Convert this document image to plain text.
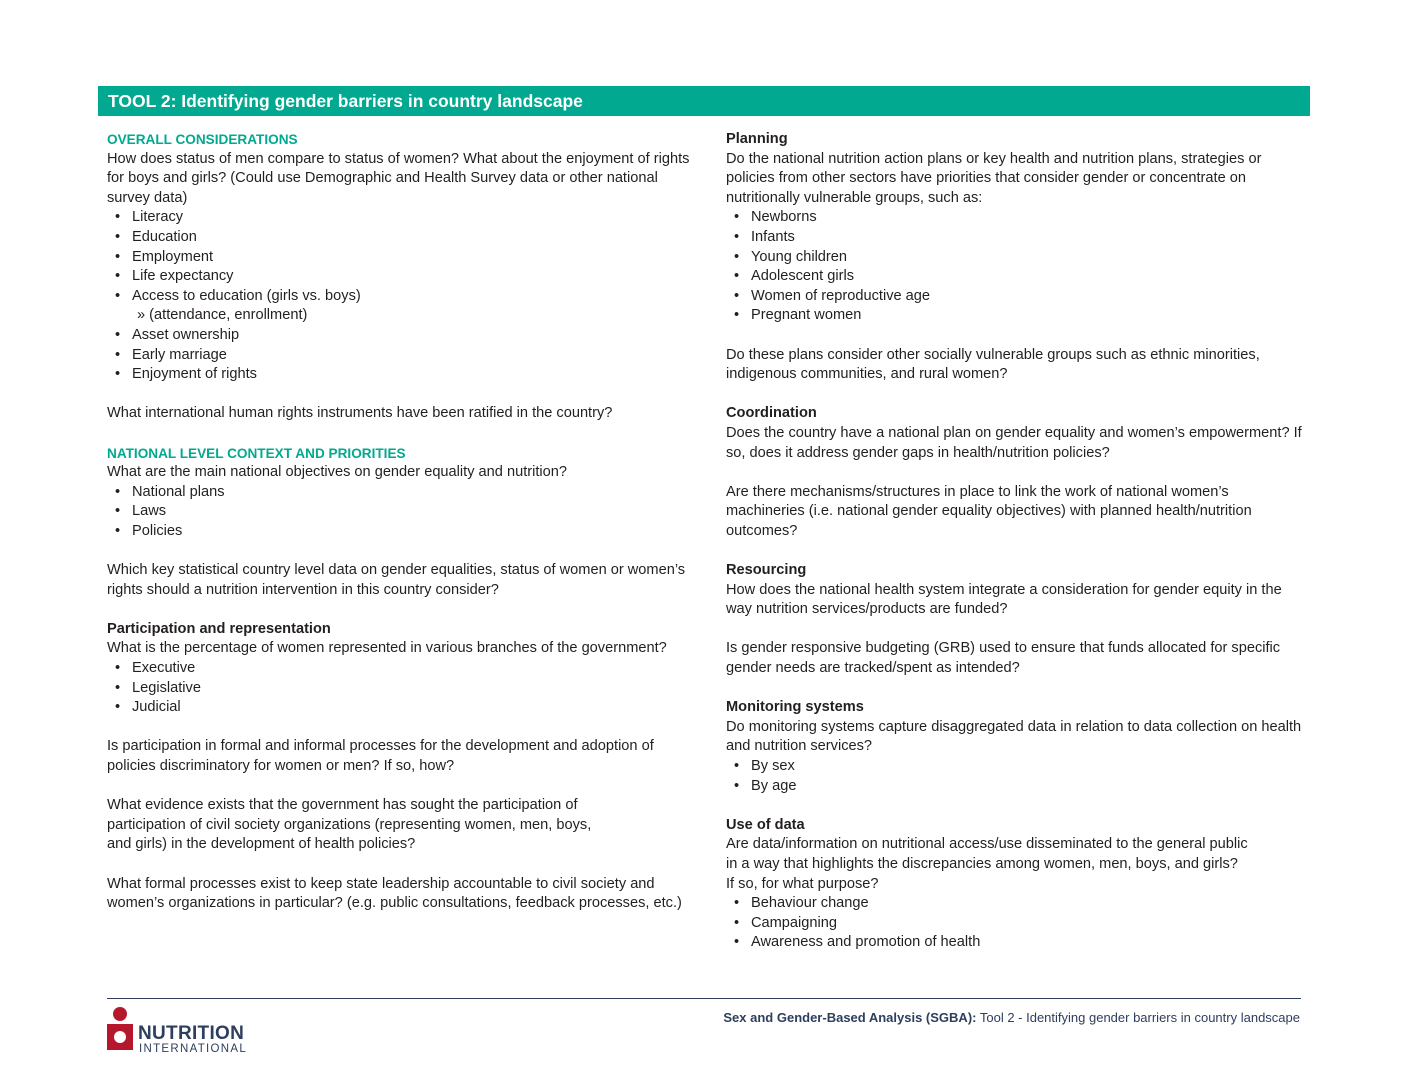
TOOL 2: Identifying gender barriers in country landscape
OVERALL CONSIDERATIONS

How does status of men compare to status of women? What about the enjoyment of rights for boys and girls? (Could use Demographic and Health Survey data or other national survey data)

• Literacy
• Education
• Employment
• Life expectancy
• Access to education (girls vs. boys)
» (attendance, enrollment)
• Asset ownership
• Early marriage
• Enjoyment of rights

What international human rights instruments have been ratified in the country?

NATIONAL LEVEL CONTEXT AND PRIORITIES

What are the main national objectives on gender equality and nutrition?

• National plans
• Laws
• Policies

Which key statistical country level data on gender equalities, status of women or women’s rights should a nutrition intervention in this country consider?

Participation and representation

What is the percentage of women represented in various branches of the government?

• Executive
• Legislative
• Judicial

Is participation in formal and informal processes for the development and adoption of policies discriminatory for women or men? If so, how?

What evidence exists that the government has sought the participation of
participation of civil society organizations (representing women, men, boys,
and girls) in the development of health policies?

What formal processes exist to keep state leadership accountable to civil society and women’s organizations in particular? (e.g. public consultations, feedback processes, etc.)

Planning

Do the national nutrition action plans or key health and nutrition plans, strategies or policies from other sectors have priorities that consider gender or concentrate on nutritionally vulnerable groups, such as:

• Newborns
• Infants
• Young children
• Adolescent girls
• Women of reproductive age
• Pregnant women

Do these plans consider other socially vulnerable groups such as ethnic minorities, indigenous communities, and rural women?

Coordination

Does the country have a national plan on gender equality and women’s empowerment? If so, does it address gender gaps in health/nutrition policies?

Are there mechanisms/structures in place to link the work of national women’s machineries (i.e. national gender equality objectives) with planned health/nutrition outcomes?

Resourcing

How does the national health system integrate a consideration for gender equity in the way nutrition services/products are funded?

Is gender responsive budgeting (GRB) used to ensure that funds allocated for specific gender needs are tracked/spent as intended?

Monitoring systems

Do monitoring systems capture disaggregated data in relation to data collection on health and nutrition services?

• By sex
• By age
Use of data

Are data/information on nutritional access/use disseminated to the general public
in a way that highlights the discrepancies among women, men, boys, and girls?
If so, for what purpose?

• Behaviour change
• Campaigning
• Awareness and promotion of health
NUTRITION
INTERNATIONAL
Sex and Gender-Based Analysis (SGBA): Tool 2 - Identifying gender barriers in country landscape
